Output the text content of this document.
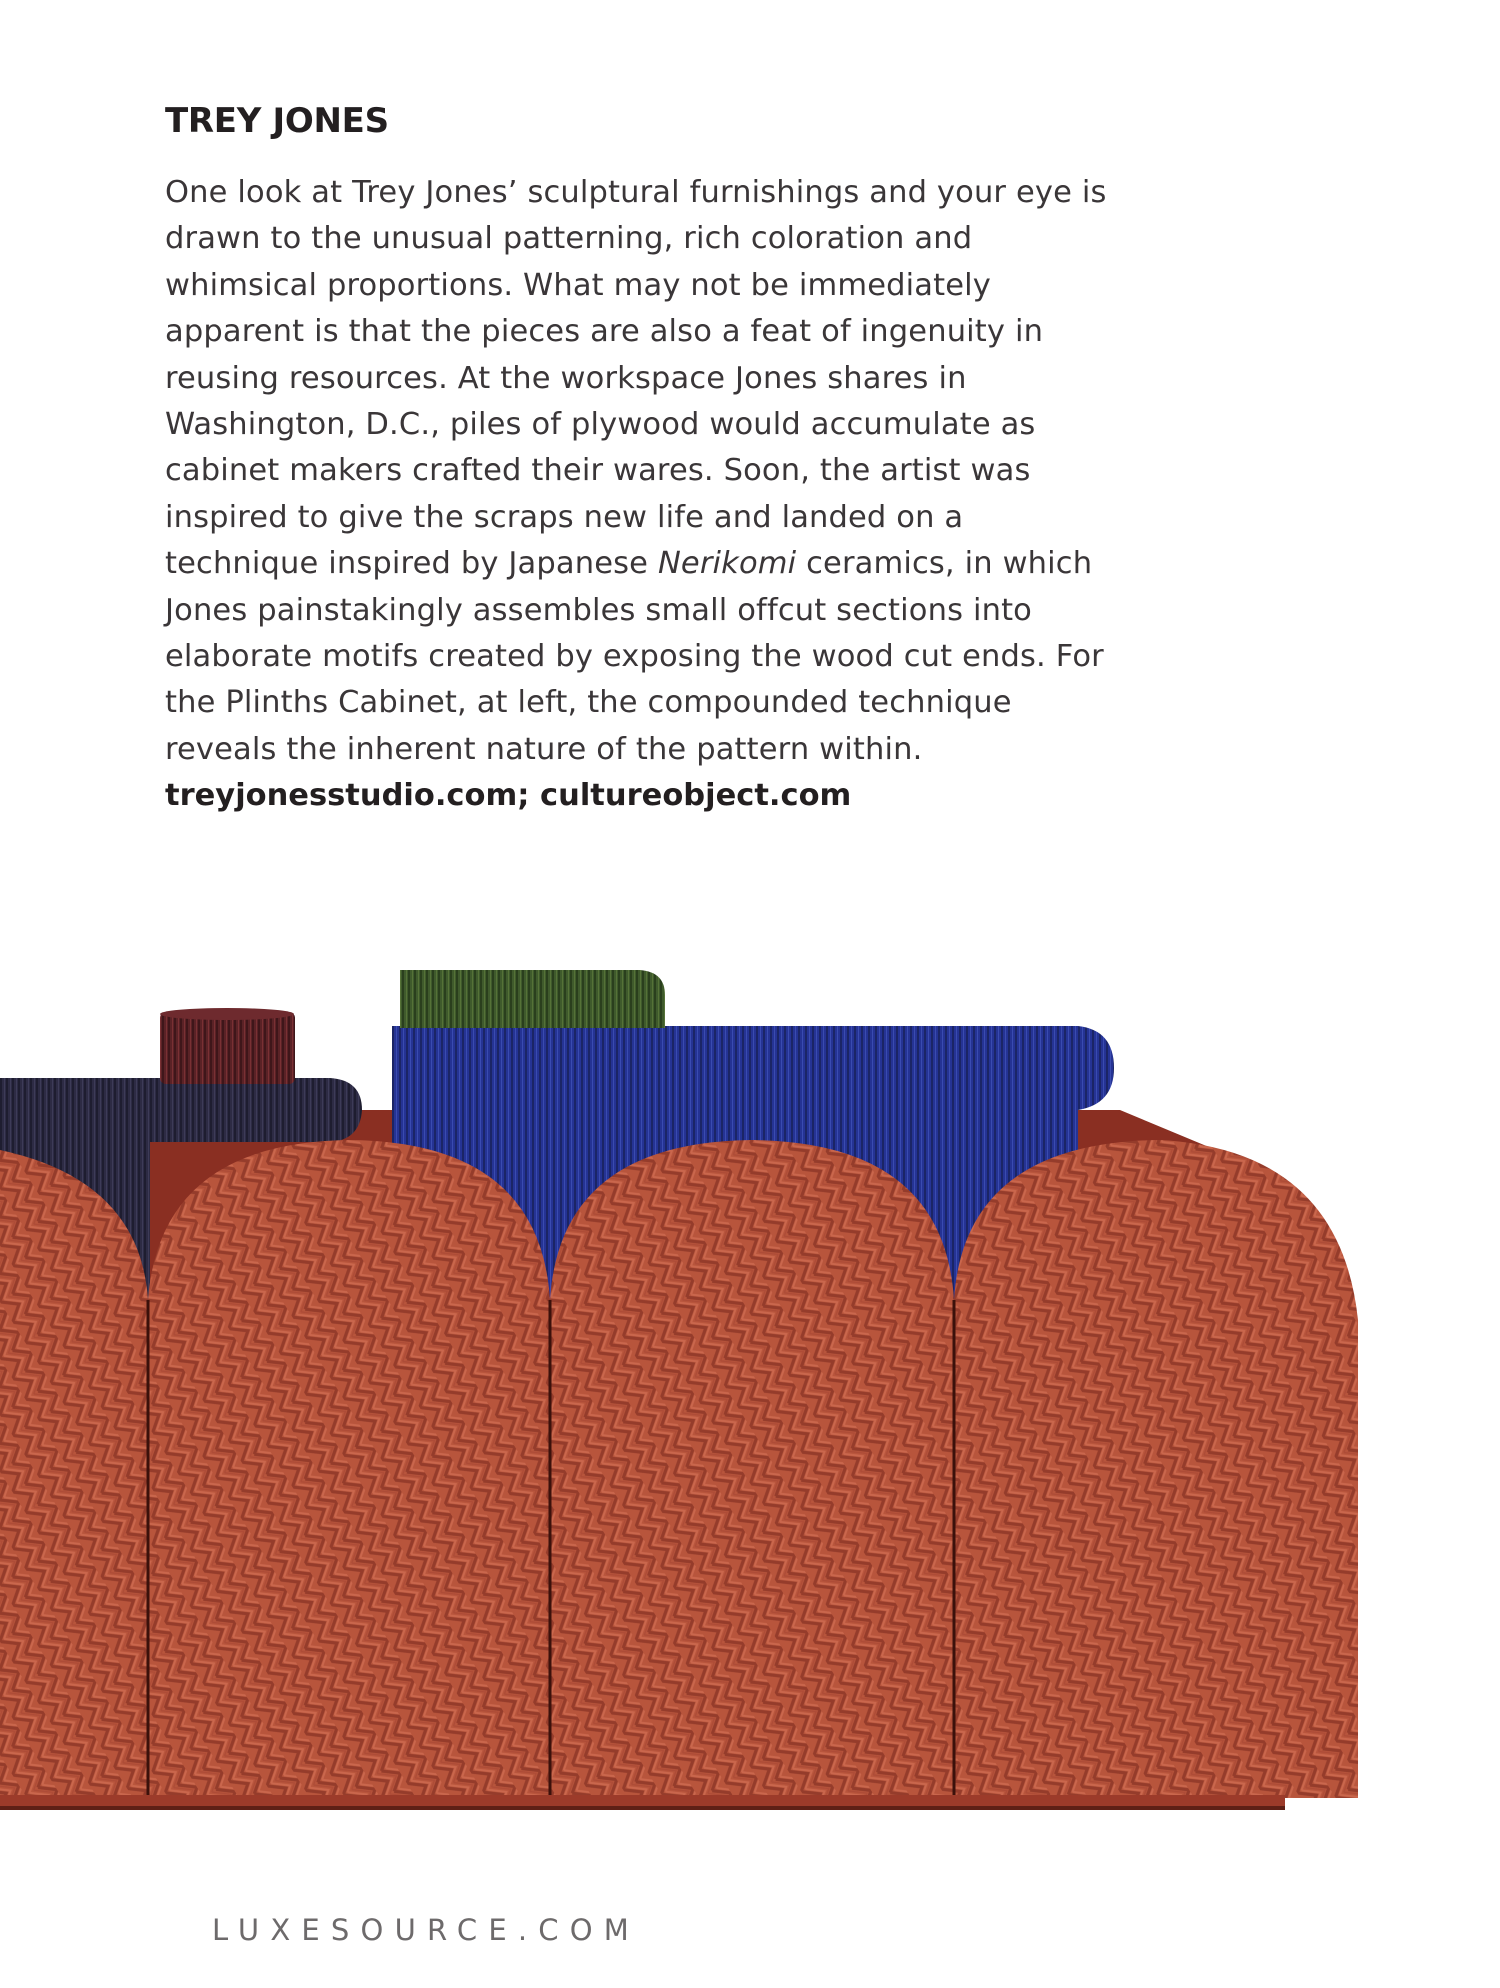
TREY JONES

One look at Trey Jones’ sculptural furnishings and your eye is drawn to the unusual patterning, rich coloration and whimsical proportions. What may not be immediately apparent is that the pieces are also a feat of ingenuity in reusing resources. At the workspace Jones shares in Washington, D.C., piles of plywood would accumulate as cabinet makers crafted their wares. Soon, the artist was inspired to give the scraps new life and landed on a technique inspired by Japanese Nerikomi ceramics, in which Jones painstakingly assembles small offcut sections into elaborate motifs created by exposing the wood cut ends. For the Plinths Cabinet, at left, the compounded technique reveals the inherent nature of the pattern within.
treyjonesstudio.com; cultureobject.com

LUXESOURCE.COM
